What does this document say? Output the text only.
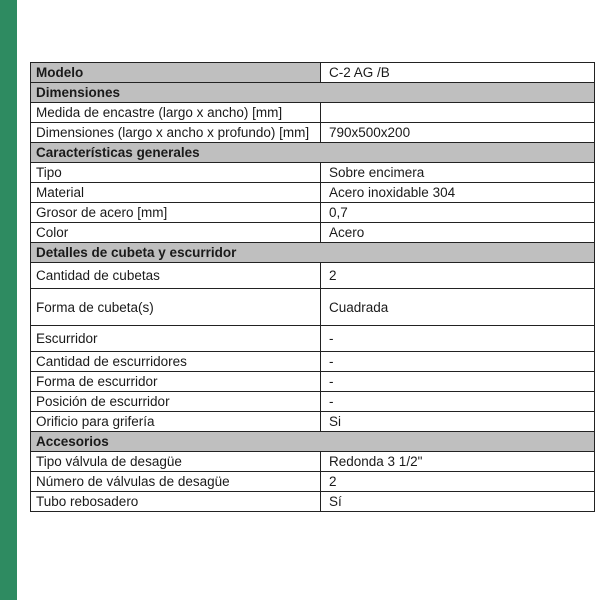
Modelo	C-2 AG /B
Dimensiones	
Medida de encastre (largo x ancho) [mm]	
Dimensiones (largo x ancho x profundo) [mm]	790x500x200
Características generales	
Tipo	Sobre encimera
Material	Acero inoxidable 304
Grosor de acero [mm]	0,7
Color	Acero
Detalles de cubeta y escurridor	
Cantidad de cubetas	2
Forma de cubeta(s)	Cuadrada
Escurridor	-
Cantidad de escurridores	-
Forma de escurridor	-
Posición de escurridor	-
Orificio para grifería	Si
Accesorios	
Tipo válvula de desagüe	Redonda 3 1/2"
Número de válvulas de desagüe	2
Tubo rebosadero	Sí
